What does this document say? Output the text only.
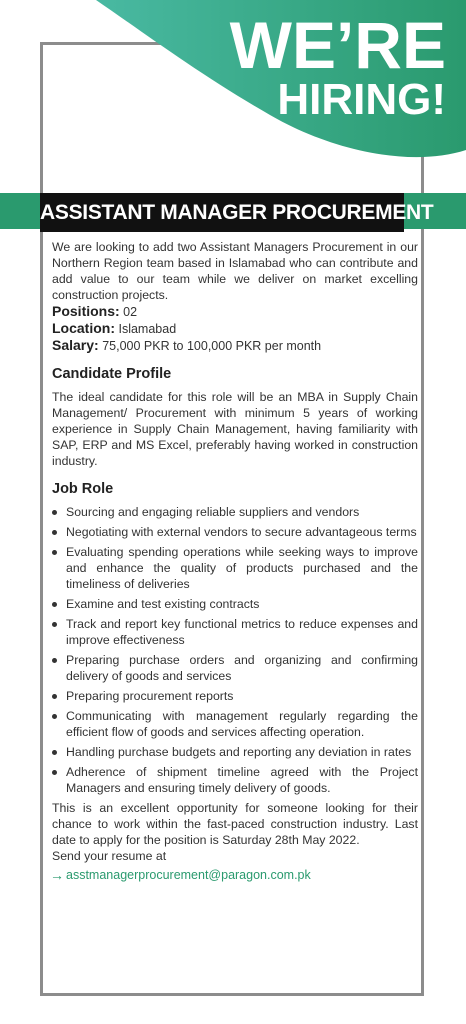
WE’RE
HIRING!
ASSISTANT MANAGER PROCUREMENT

We are looking to add two Assistant Managers Procurement in our Northern Region team based in Islamabad who can contribute and add value to our team while we deliver on market excelling construction projects.

Positions: 02

Location: Islamabad

Salary: 75,000 PKR to 100,000 PKR per month

Candidate Profile

The ideal candidate for this role will be an MBA in Supply Chain Management/ Procurement with minimum 5 years of working experience in Supply Chain Management, having familiarity with SAP, ERP and MS Excel, preferably having worked in construction industry.

Job Role
Sourcing and engaging reliable suppliers and vendors
Negotiating with external vendors to secure advantageous terms
Evaluating spending operations while seeking ways to improve and enhance the quality of products purchased and the timeliness of deliveries
Examine and test existing contracts
Track and report key functional metrics to reduce expenses and improve effectiveness
Preparing purchase orders and organizing and confirming delivery of goods and services
Preparing procurement reports
Communicating with management regularly regarding the efficient flow of goods and services affecting operation.
Handling purchase budgets and reporting any deviation in rates
Adherence of shipment timeline agreed with the Project Managers and ensuring timely delivery of goods.

This is an excellent opportunity for someone looking for their chance to work within the fast-paced construction industry. Last date to apply for the position is Saturday 28th May 2022.

Send your resume at

→ asstmanagerprocurement@paragon.com.pk
